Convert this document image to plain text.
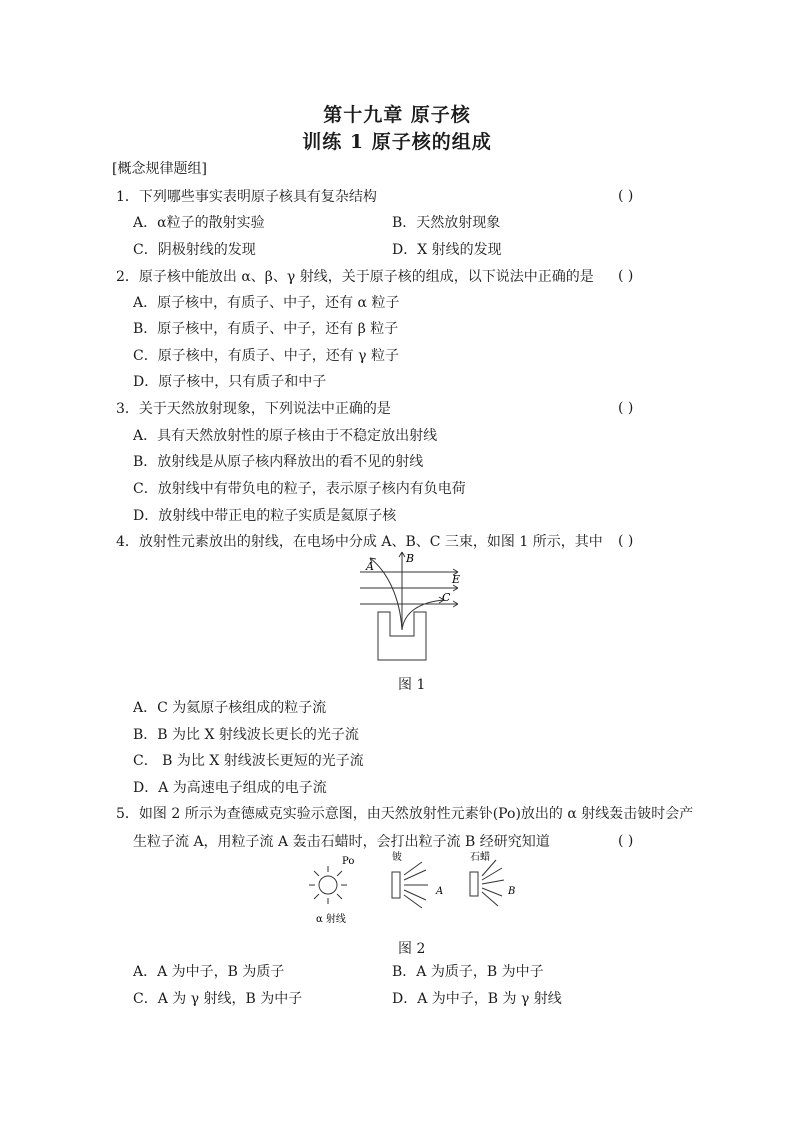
第十九章 原子核
训练 1 原子核的组成
[概念规律题组]
1．下列哪些事实表明原子核具有复杂结构	( )
A．α粒子的散射实验	B．天然放射现象
C．阴极射线的发现	D．X 射线的发现
2．原子核中能放出 α、β、γ 射线，关于原子核的组成，以下说法中正确的是 ( )
A．原子核中，有质子、中子，还有 α 粒子
B．原子核中，有质子、中子，还有 β 粒子
C．原子核中，有质子、中子，还有 γ 粒子
D．原子核中，只有质子和中子
3．关于天然放射现象，下列说法中正确的是	( )
A．具有天然放射性的原子核由于不稳定放出射线
B．放射线是从原子核内释放出的看不见的射线
C．放射线中有带负电的粒子，表示原子核内有负电荷
D．放射线中带正电的粒子实质是氦原子核
4．放射性元素放出的射线，在电场中分成 A、B、C 三束，如图 1 所示，其中 ( )
A
B
E
C
图 1
A．C 为氦原子核组成的粒子流
B．B 为比 X 射线波长更长的光子流
C． B 为比 X 射线波长更短的光子流
D．A 为高速电子组成的电子流
5．如图 2 所示为查德威克实验示意图，由天然放射性元素钋(Po)放出的 α 射线轰击铍时会产
生粒子流 A，用粒子流 A 轰击石蜡时，会打出粒子流 B 经研究知道	( )
Po
α 射线
铍
A
石蜡
B
图 2
A．A 为中子，B 为质子	B．A 为质子，B 为中子
C．A 为 γ 射线，B 为中子	D．A 为中子，B 为 γ 射线
